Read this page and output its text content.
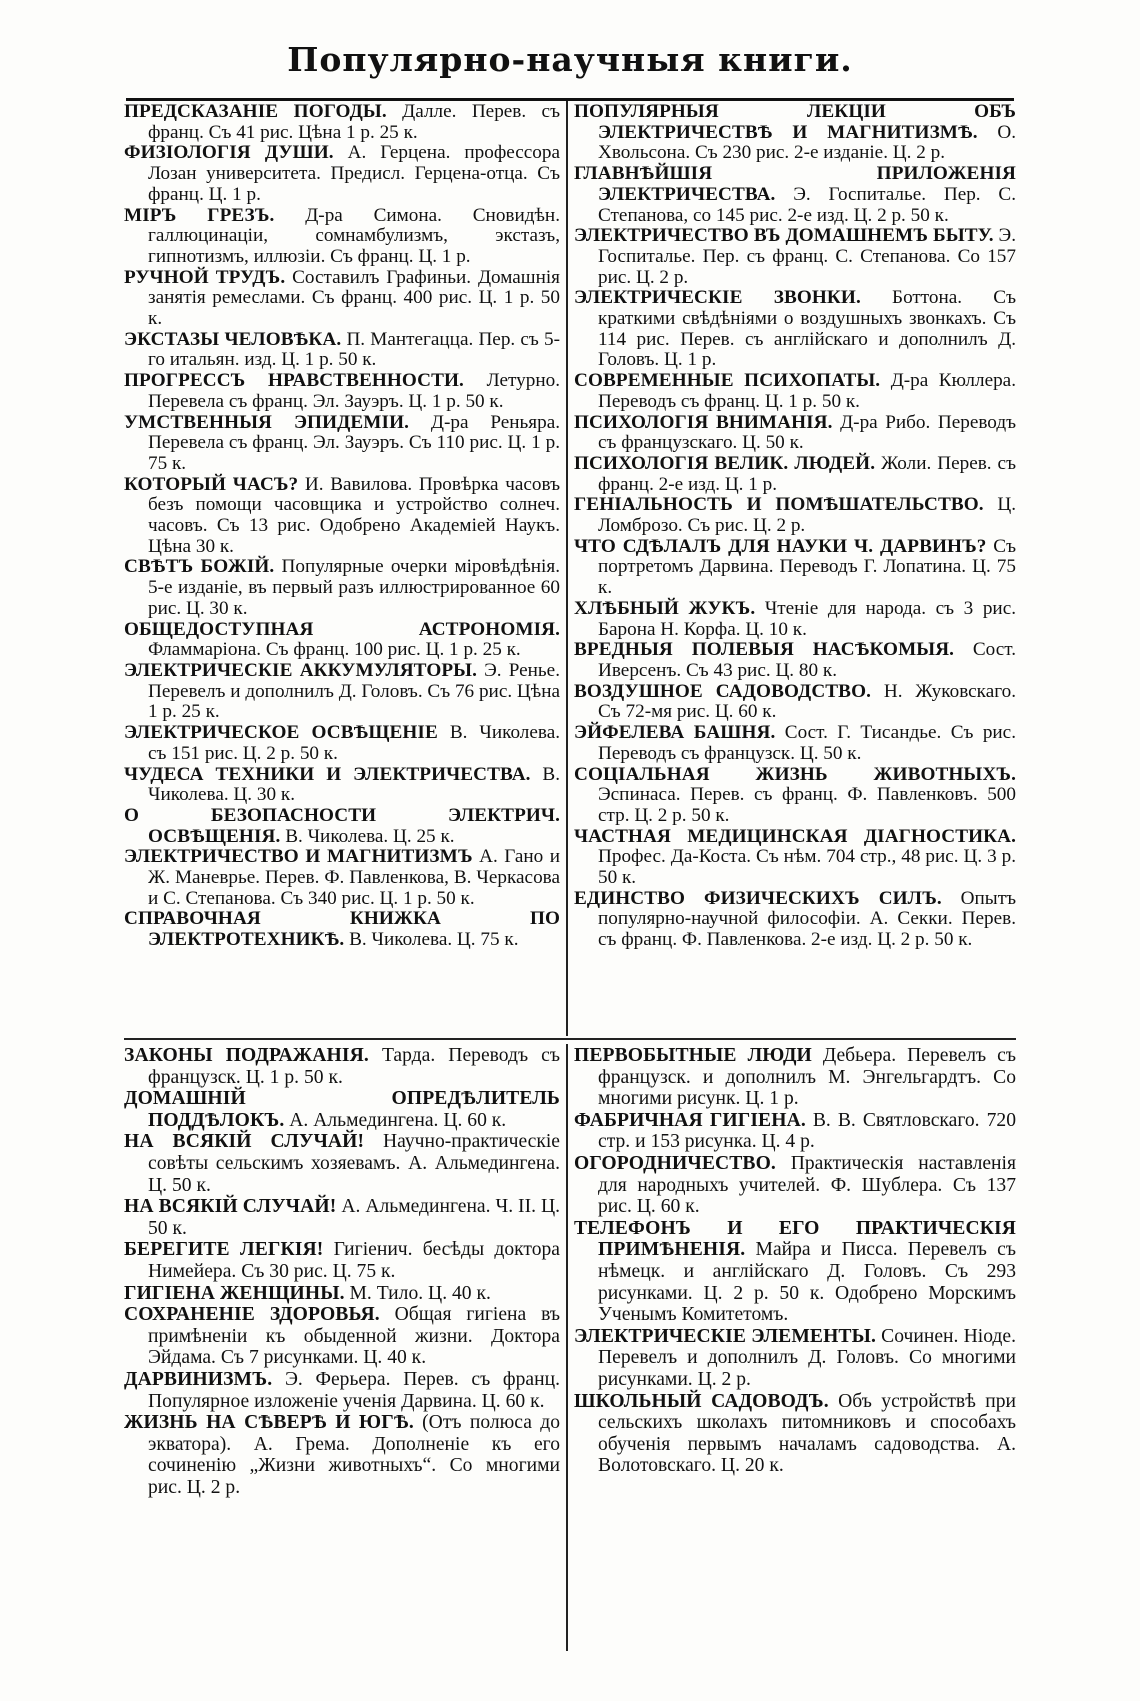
Популярно-научныя книги.
ПРЕДСКАЗАНІЕ ПОГОДЫ. Далле. Перев. съ франц. Съ 41 рис. Цѣна 1 р. 25 к.
ФИЗІОЛОГІЯ ДУШИ. А. Герцена. профессора Лозан университета. Предисл. Герцена-отца. Съ франц. Ц. 1 р.
МІРЪ ГРЕЗЪ. Д-ра Симона. Сновидѣн. галлюцинаціи, сомнамбулизмъ, экстазъ, гипнотизмъ, иллюзіи. Съ франц. Ц. 1 р.
РУЧНОЙ ТРУДЪ. Составилъ Графиньи. Домашнія занятія ремеслами. Съ франц. 400 рис. Ц. 1 р. 50 к.
ЭКСТАЗЫ ЧЕЛОВѢКА. П. Мантегацца. Пер. съ 5-го итальян. изд. Ц. 1 р. 50 к.
ПРОГРЕССЪ НРАВСТВЕННОСТИ. Летурно. Перевела съ франц. Эл. Зауэръ. Ц. 1 р. 50 к.
УМСТВЕННЫЯ ЭПИДЕМІИ. Д-ра Реньяра. Перевела съ франц. Эл. Зауэръ. Съ 110 рис. Ц. 1 р. 75 к.
КОТОРЫЙ ЧАСЪ? И. Вавилова. Провѣрка часовъ безъ помощи часовщика и устройство солнеч. часовъ. Съ 13 рис. Одобрено Академіей Наукъ. Цѣна 30 к.
СВѢТЪ БОЖІЙ. Популярные очерки міровѣдѣнія. 5-е изданіе, въ первый разъ иллюстрированное 60 рис. Ц. 30 к.
ОБЩЕДОСТУПНАЯ АСТРОНОМІЯ. Фламмаріона. Съ франц. 100 рис. Ц. 1 р. 25 к.
ЭЛЕКТРИЧЕСКІЕ АККУМУЛЯТОРЫ. Э. Ренье. Перевелъ и дополнилъ Д. Головъ. Съ 76 рис. Цѣна 1 р. 25 к.
ЭЛЕКТРИЧЕСКОЕ ОСВѢЩЕНІЕ В. Чиколева. съ 151 рис. Ц. 2 р. 50 к.
ЧУДЕСА ТЕХНИКИ И ЭЛЕКТРИЧЕСТВА. В. Чиколева. Ц. 30 к.
О БЕЗОПАСНОСТИ ЭЛЕКТРИЧ. ОСВѢЩЕНІЯ. В. Чиколева. Ц. 25 к.
ЭЛЕКТРИЧЕСТВО И МАГНИТИЗМЪ А. Гано и Ж. Маневрье. Перев. Ф. Павленкова, В. Черкасова и С. Степанова. Съ 340 рис. Ц. 1 р. 50 к.
СПРАВОЧНАЯ КНИЖКА ПО ЭЛЕКТРОТЕХНИКѢ. В. Чиколева. Ц. 75 к.
ПОПУЛЯРНЫЯ ЛЕКЦІИ ОБЪ ЭЛЕКТРИЧЕСТВѢ И МАГНИТИЗМѢ. О. Хвольсона. Съ 230 рис. 2-е изданіе. Ц. 2 р.
ГЛАВНѢЙШІЯ ПРИЛОЖЕНІЯ ЭЛЕКТРИЧЕСТВА. Э. Госпиталье. Пер. С. Степанова, со 145 рис. 2-е изд. Ц. 2 р. 50 к.
ЭЛЕКТРИЧЕСТВО ВЪ ДОМАШНЕМЪ БЫТУ. Э. Госпиталье. Пер. съ франц. С. Степанова. Со 157 рис. Ц. 2 р.
ЭЛЕКТРИЧЕСКІЕ ЗВОНКИ. Боттона. Съ краткими свѣдѣніями о воздушныхъ звонкахъ. Съ 114 рис. Перев. съ англійскаго и дополнилъ Д. Головъ. Ц. 1 р.
СОВРЕМЕННЫЕ ПСИХОПАТЫ. Д-ра Кюллера. Переводъ съ франц. Ц. 1 р. 50 к.
ПСИХОЛОГІЯ ВНИМАНІЯ. Д-ра Рибо. Переводъ съ французскаго. Ц. 50 к.
ПСИХОЛОГІЯ ВЕЛИК. ЛЮДЕЙ. Жоли. Перев. съ франц. 2-е изд. Ц. 1 р.
ГЕНІАЛЬНОСТЬ И ПОМѢШАТЕЛЬСТВО. Ц. Ломброзо. Съ рис. Ц. 2 р.
ЧТО СДѢЛАЛЪ ДЛЯ НАУКИ Ч. ДАРВИНЪ? Съ портретомъ Дарвина. Переводъ Г. Лопатина. Ц. 75 к.
ХЛѢБНЫЙ ЖУКЪ. Чтеніе для народа. съ 3 рис. Барона Н. Корфа. Ц. 10 к.
ВРЕДНЫЯ ПОЛЕВЫЯ НАСѢКОМЫЯ. Сост. Иверсенъ. Съ 43 рис. Ц. 80 к.
ВОЗДУШНОЕ САДОВОДСТВО. Н. Жуковскаго. Съ 72-мя рис. Ц. 60 к.
ЭЙФЕЛЕВА БАШНЯ. Сост. Г. Тисандье. Съ рис. Переводъ съ французск. Ц. 50 к.
СОЦІАЛЬНАЯ ЖИЗНЬ ЖИВОТНЫХЪ. Эспинаса. Перев. съ франц. Ф. Павленковъ. 500 стр. Ц. 2 р. 50 к.
ЧАСТНАЯ МЕДИЦИНСКАЯ ДІАГНОСТИКА. Профес. Да-Коста. Съ нѣм. 704 стр., 48 рис. Ц. 3 р. 50 к.
ЕДИНСТВО ФИЗИЧЕСКИХЪ СИЛЪ. Опытъ популярно-научной философіи. А. Секки. Перев. съ франц. Ф. Павленкова. 2-е изд. Ц. 2 р. 50 к.
ЗАКОНЫ ПОДРАЖАНІЯ. Тарда. Переводъ съ французск. Ц. 1 р. 50 к.
ДОМАШНІЙ ОПРЕДѢЛИТЕЛЬ ПОДДѢЛОКЪ. А. Альмедингена. Ц. 60 к.
НА ВСЯКІЙ СЛУЧАЙ! Научно-практическіе совѣты сельскимъ хозяевамъ. А. Альмедингена. Ц. 50 к.
НА ВСЯКІЙ СЛУЧАЙ! А. Альмедингена. Ч. II. Ц. 50 к.
БЕРЕГИТЕ ЛЕГКІЯ! Гигіенич. бесѣды доктора Нимейера. Съ 30 рис. Ц. 75 к.
ГИГІЕНА ЖЕНЩИНЫ. М. Тило. Ц. 40 к.
СОХРАНЕНІЕ ЗДОРОВЬЯ. Общая гигіена въ примѣненіи къ обыденной жизни. Доктора Эйдама. Съ 7 рисунками. Ц. 40 к.
ДАРВИНИЗМЪ. Э. Ферьера. Перев. съ франц. Популярное изложеніе ученія Дарвина. Ц. 60 к.
ЖИЗНЬ НА СѢВЕРѢ И ЮГѢ. (Отъ полюса до экватора). А. Грема. Дополненіе къ его сочиненію „Жизни животныхъ“. Со многими рис. Ц. 2 р.
ПЕРВОБЫТНЫЕ ЛЮДИ Дебьера. Перевелъ съ французск. и дополнилъ М. Энгельгардтъ. Со многими рисунк. Ц. 1 р.
ФАБРИЧНАЯ ГИГІЕНА. В. В. Святловскаго. 720 стр. и 153 рисунка. Ц. 4 р.
ОГОРОДНИЧЕСТВО. Практическія наставленія для народныхъ учителей. Ф. Шублера. Съ 137 рис. Ц. 60 к.
ТЕЛЕФОНЪ И ЕГО ПРАКТИЧЕСКІЯ ПРИМѢНЕНІЯ. Майра и Писса. Перевелъ съ нѣмецк. и англійскаго Д. Головъ. Съ 293 рисунками. Ц. 2 р. 50 к. Одобрено Морскимъ Ученымъ Комитетомъ.
ЭЛЕКТРИЧЕСКІЕ ЭЛЕМЕНТЫ. Сочинен. Ніоде. Перевелъ и дополнилъ Д. Головъ. Со многими рисунками. Ц. 2 р.
ШКОЛЬНЫЙ САДОВОДЪ. Объ устройствѣ при сельскихъ школахъ питомниковъ и способахъ обученія первымъ началамъ садоводства. А. Волотовскаго. Ц. 20 к.
